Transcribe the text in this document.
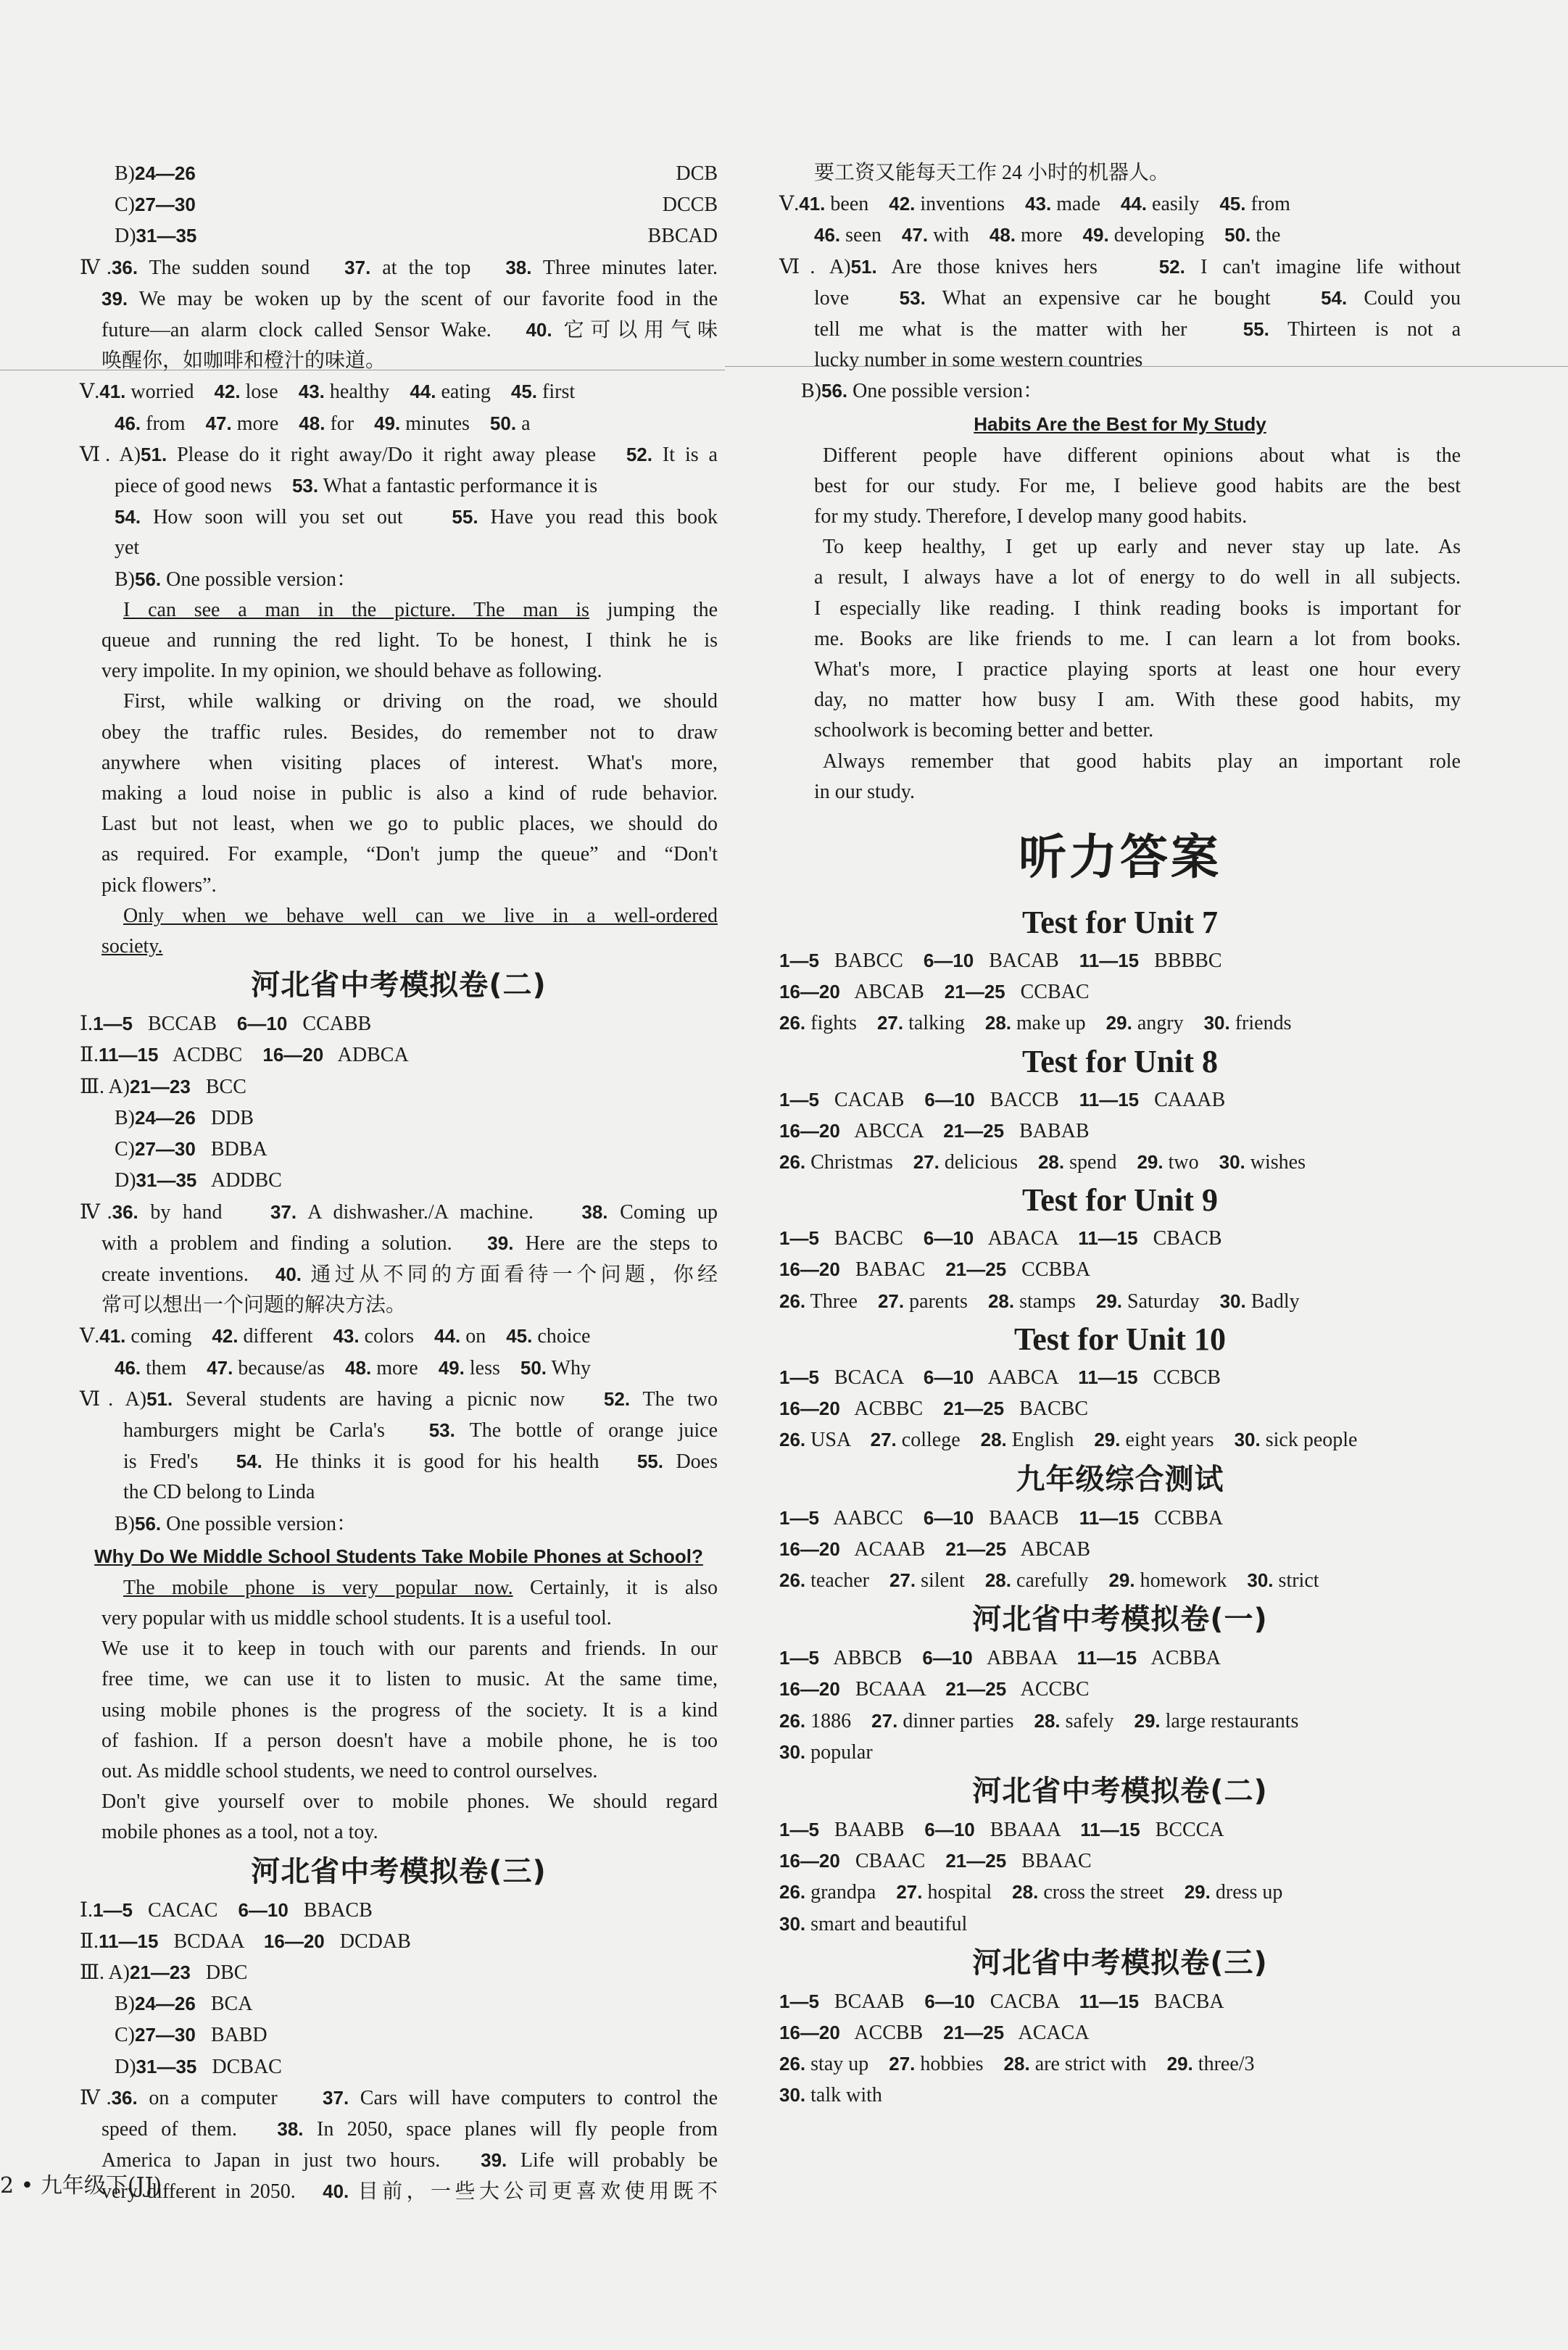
B)24—26  DCB
C)27—30  DCCB
D)31—35  BBCAD
Ⅳ.36. The sudden sound   37. at the top   38. Three minutes later.
39. We may be woken up by the scent of our favorite food in the
future—an alarm clock called Sensor Wake.   40. 它可以用气味
唤醒你，如咖啡和橙汁的味道。
Ⅴ.41. worried    42. lose    43. healthy    44. eating    45. first
46. from    47. more    48. for    49. minutes    50. a
Ⅵ. A)51. Please do it right away/Do it right away please   52. It is a
piece of good news    53. What a fantastic performance it is
54. How soon will you set out    55. Have you read this book
yet
B)56. One possible version：
I can see a man in the picture. The man is jumping the
queue and running the red light. To be honest, I think he is
very impolite. In my opinion, we should behave as following.
First, while walking or driving on the road, we should
obey the traffic rules. Besides, do remember not to draw
anywhere when visiting places of interest. What's more,
making a loud noise in public is also a kind of rude behavior.
Last but not least, when we go to public places, we should do
as required. For example, “Don't jump the queue” and “Don't
pick flowers”.
Only when we behave well can we live in a well-ordered
society.
河北省中考模拟卷(二)
Ⅰ.1—5   BCCAB    6—10   CCABB
Ⅱ.11—15   ACDBC    16—20   ADBCA
Ⅲ. A)21—23   BCC
B)24—26   DDB
C)27—30   BDBA
D)31—35   ADDBC
Ⅳ.36. by hand    37. A dishwasher./A machine.    38. Coming up
with a problem and finding a solution.   39. Here are the steps to
create inventions.   40. 通过从不同的方面看待一个问题，你经
常可以想出一个问题的解决方法。
Ⅴ.41. coming    42. different    43. colors    44. on    45. choice
46. them    47. because/as    48. more    49. less    50. Why
Ⅵ. A)51. Several students are having a picnic now   52. The two
hamburgers might be Carla's   53. The bottle of orange juice
is Fred's   54. He thinks it is good for his health   55. Does
the CD belong to Linda
B)56. One possible version：
Why Do We Middle School Students Take Mobile Phones at School?
The mobile phone is very popular now. Certainly, it is also
very popular with us middle school students. It is a useful tool.
We use it to keep in touch with our parents and friends. In our
free time, we can use it to listen to music. At the same time,
using mobile phones is the progress of the society. It is a kind
of fashion. If a person doesn't have a mobile phone, he is too
out. As middle school students, we need to control ourselves.
Don't give yourself over to mobile phones. We should regard
mobile phones as a tool, not a toy.
河北省中考模拟卷(三)
Ⅰ.1—5   CACAC    6—10   BBACB
Ⅱ.11—15   BCDAA    16—20   DCDAB
Ⅲ. A)21—23   DBC
B)24—26   BCA
C)27—30   BABD
D)31—35   DCBAC
Ⅳ.36. on a computer    37. Cars will have computers to control the
speed of them.   38. In 2050, space planes will fly people from
America to Japan in just two hours.   39. Life will probably be
very different in 2050.   40. 目前，一些大公司更喜欢使用既不
要工资又能每天工作 24 小时的机器人。
Ⅴ.41. been    42. inventions    43. made    44. easily    45. from
46. seen    47. with    48. more    49. developing    50. the
Ⅵ. A)51. Are those knives hers    52. I can't imagine life without
love   53. What an expensive car he bought   54. Could you
tell me what is the matter with her   55. Thirteen is not a
lucky number in some western countries
B)56. One possible version：
Habits Are the Best for My Study
Different people have different opinions about what is the
best for our study. For me, I believe good habits are the best
for my study. Therefore, I develop many good habits.
To keep healthy, I get up early and never stay up late. As
a result, I always have a lot of energy to do well in all subjects.
I especially like reading. I think reading books is important for
me. Books are like friends to me. I can learn a lot from books.
What's more, I practice playing sports at least one hour every
day, no matter how busy I am. With these good habits, my
schoolwork is becoming better and better.
Always remember that good habits play an important role
in our study.
听力答案
Test for Unit 7
1—5   BABCC    6—10   BACAB    11—15   BBBBC
16—20   ABCAB    21—25   CCBAC
26. fights    27. talking    28. make up    29. angry    30. friends
Test for Unit 8
1—5   CACAB    6—10   BACCB    11—15   CAAAB
16—20   ABCCA    21—25   BABAB
26. Christmas    27. delicious    28. spend    29. two    30. wishes
Test for Unit 9
1—5   BACBC    6—10   ABACA    11—15   CBACB
16—20   BABAC    21—25   CCBBA
26. Three    27. parents    28. stamps    29. Saturday    30. Badly
Test for Unit 10
1—5   BCACA    6—10   AABCA    11—15   CCBCB
16—20   ACBBC    21—25   BACBC
26. USA    27. college    28. English    29. eight years    30. sick people
九年级综合测试
1—5   AABCC    6—10   BAACB    11—15   CCBBA
16—20   ACAAB    21—25   ABCAB
26. teacher    27. silent    28. carefully    29. homework    30. strict
河北省中考模拟卷(一)
1—5   ABBCB    6—10   ABBAA    11—15   ACBBA
16—20   BCAAA    21—25   ACCBC
26. 1886    27. dinner parties    28. safely    29. large restaurants
30. popular
河北省中考模拟卷(二)
1—5   BAABB    6—10   BBAAA    11—15   BCCCA
16—20   CBAAC    21—25   BBAAC
26. grandpa    27. hospital    28. cross the street    29. dress up
30. smart and beautiful
河北省中考模拟卷(三)
1—5   BCAAB    6—10   CACBA    11—15   BACBA
16—20   ACCBB    21—25   ACACA
26. stay up    27. hobbies    28. are strict with    29. three/3
30. talk with
2 • 九年级下(JJ)
